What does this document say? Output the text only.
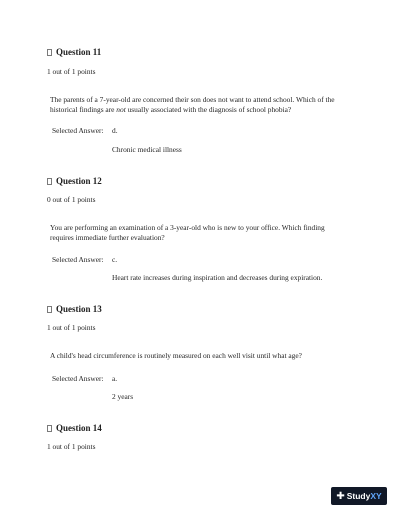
Question 11
1 out of 1 points
The parents of a 7-year-old are concerned their son does not want to attend school. Which of the historical findings are not usually associated with the diagnosis of school phobia?
Selected Answer: d.
Chronic medical illness
Question 12
0 out of 1 points
You are performing an examination of a 3-year-old who is new to your office. Which finding requires immediate further evaluation?
Selected Answer: c.
Heart rate increases during inspiration and decreases during expiration.
Question 13
1 out of 1 points
A child's head circumference is routinely measured on each well visit until what age?
Selected Answer: a.
2 years
Question 14
1 out of 1 points
✚ StudyXY
